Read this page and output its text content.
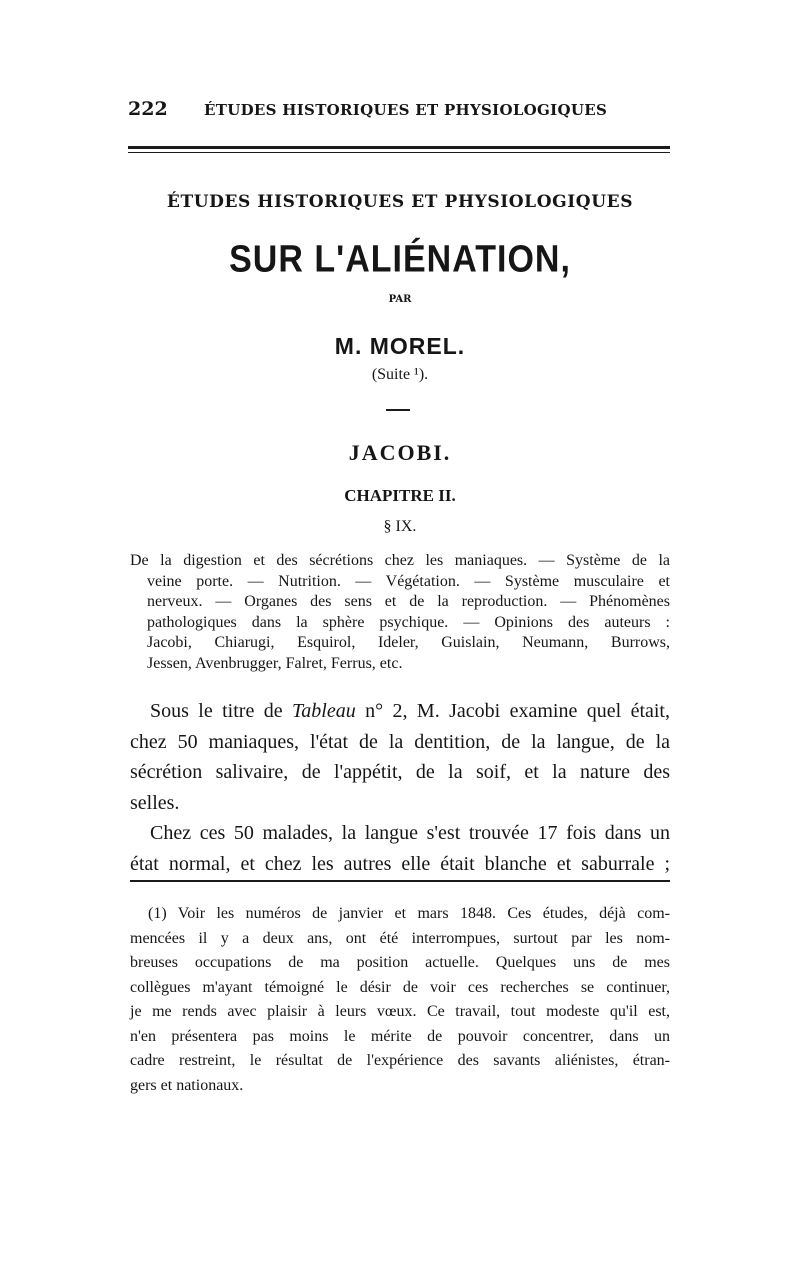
222 ÉTUDES HISTORIQUES ET PHYSIOLOGIQUES
ÉTUDES HISTORIQUES ET PHYSIOLOGIQUES
SUR L'ALIÉNATION,
PAR
M. MOREL.
(Suite ¹).
JACOBI.
CHAPITRE II.
§ IX.
De la digestion et des sécrétions chez les maniaques. — Système de la
veine porte. — Nutrition. — Végétation. — Système musculaire et
nerveux. — Organes des sens et de la reproduction. — Phénomènes
pathologiques dans la sphère psychique. — Opinions des auteurs :
Jacobi, Chiarugi, Esquirol, Ideler, Guislain, Neumann, Burrows,
Jessen, Avenbrugger, Falret, Ferrus, etc.
Sous le titre de Tableau n° 2, M. Jacobi examine quel était,
chez 50 maniaques, l'état de la dentition, de la langue, de la
sécrétion salivaire, de l'appétit, de la soif, et la nature des
selles.
Chez ces 50 malades, la langue s'est trouvée 17 fois dans un
état normal, et chez les autres elle était blanche et saburrale ;
(1) Voir les numéros de janvier et mars 1848. Ces études, déjà com-
mencées il y a deux ans, ont été interrompues, surtout par les nom-
breuses occupations de ma position actuelle. Quelques uns de mes
collègues m'ayant témoigné le désir de voir ces recherches se continuer,
je me rends avec plaisir à leurs vœux. Ce travail, tout modeste qu'il est,
n'en présentera pas moins le mérite de pouvoir concentrer, dans un
cadre restreint, le résultat de l'expérience des savants aliénistes, étran-
gers et nationaux.
